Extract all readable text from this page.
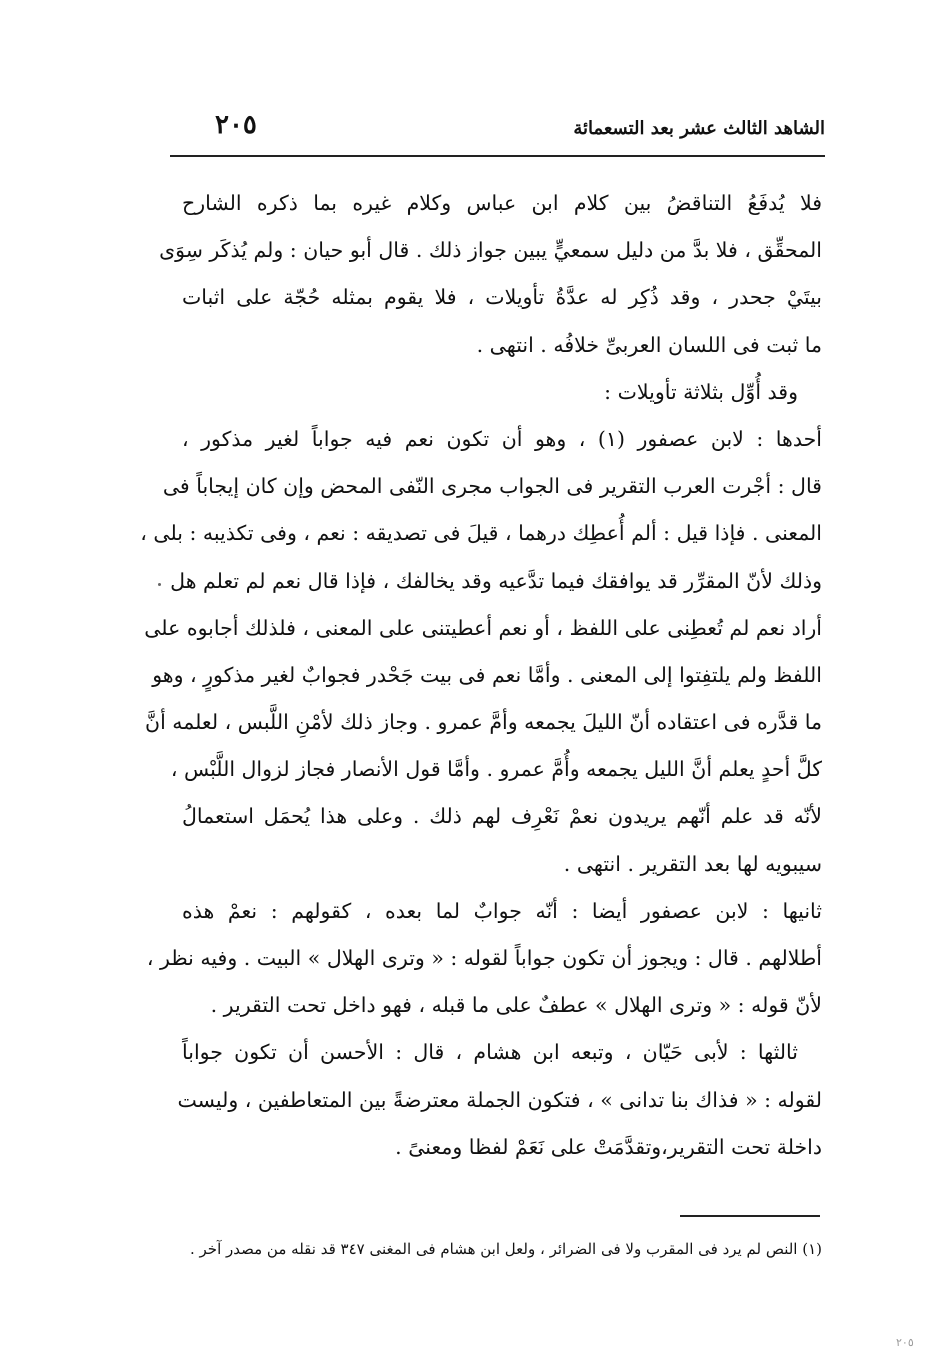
الشاهد الثالث عشر بعد التسعمائة
٢٠٥
فلا يُدفَعُ التناقضُ بين كلام ابن عباس وكلام غيره بما ذكره الشارح
المحقِّق ، فلا بدَّ من دليل سمعيٍّ يبين جواز ذلك . قال أبو حيان : ولم يُذكَر سِوَى
بيتَيْ جحدر ، وقد ذُكِر له عدَّةُ تأويلات ، فلا يقوم بمثله حُجّة على اثبات
ما ثبت فى اللسان العربىِّ خلافُه . انتهى .
وقد أُوِّل بثلاثة تأويلات :
أحدها : لابن عصفور (١) ، وهو أن تكون نعم فيه جواباً لغير مذكور ،
قال : أجْرت العرب التقرير فى الجواب مجرى النّفى المحض وإن كان إيجاباً فى
المعنى . فإذا قيل : ألم أُعطِك درهما ، قيلَ فى تصديقه : نعم ، وفى تكذيبه : بلى ،
وذلك لأنّ المقرِّر قد يوافقك فيما تدَّعيه وقد يخالفك ، فإذا قال نعم لم تعلم هل
أراد نعم لم تُعطِنى على اللفظ ، أو نعم أعطيتنى على المعنى ، فلذلك أجابوه على
اللفظ ولم يلتفِتوا إلى المعنى . وأمَّا نعم فى بيت جَحْدر فجوابٌ لغير مذكورٍ ، وهو
ما قدَّره فى اعتقاده أنّ الليلَ يجمعه وأمَّ عمرو . وجاز ذلك لأمْنِ اللَّبس ، لعلمه أنَّ
كلَّ أحدٍ يعلم أنَّ الليل يجمعه وأُمَّ عمرو . وأمَّا قول الأنصار فجاز لزوال اللَّبْس ،
لأنّه قد علم أنّهم يريدون نعمْ نَعْرِف لهم ذلك . وعلى هذا يُحمَل استعمالُ
سيبويه لها بعد التقرير . انتهى .
ثانيها : لابن عصفور أيضا : أنّه جوابٌ لما بعده ، كقولهم : نعمْ هذه
أطلالهم . قال : ويجوز أن تكون جواباً لقوله : « وترى الهلال » البيت . وفيه نظر ،
لأنّ قوله : « وترى الهلال » عطفٌ على ما قبله ، فهو داخل تحت التقرير .
ثالثها : لأبى حَيّان ، وتبعه ابن هشام ، قال : الأحسن أن تكون جواباً
لقوله : « فذاك بنا تدانى » ، فتكون الجملة معترضةً بين المتعاطفين ، وليست
داخلة تحت التقرير،وتقدَّمَتْ على نَعَمْ لفظا ومعنىً .
(١) النص لم يرد فى المقرب ولا فى الضرائر ، ولعل ابن هشام فى المغنى ٣٤٧ قد نقله من مصدر آخر .
٢٠٥
